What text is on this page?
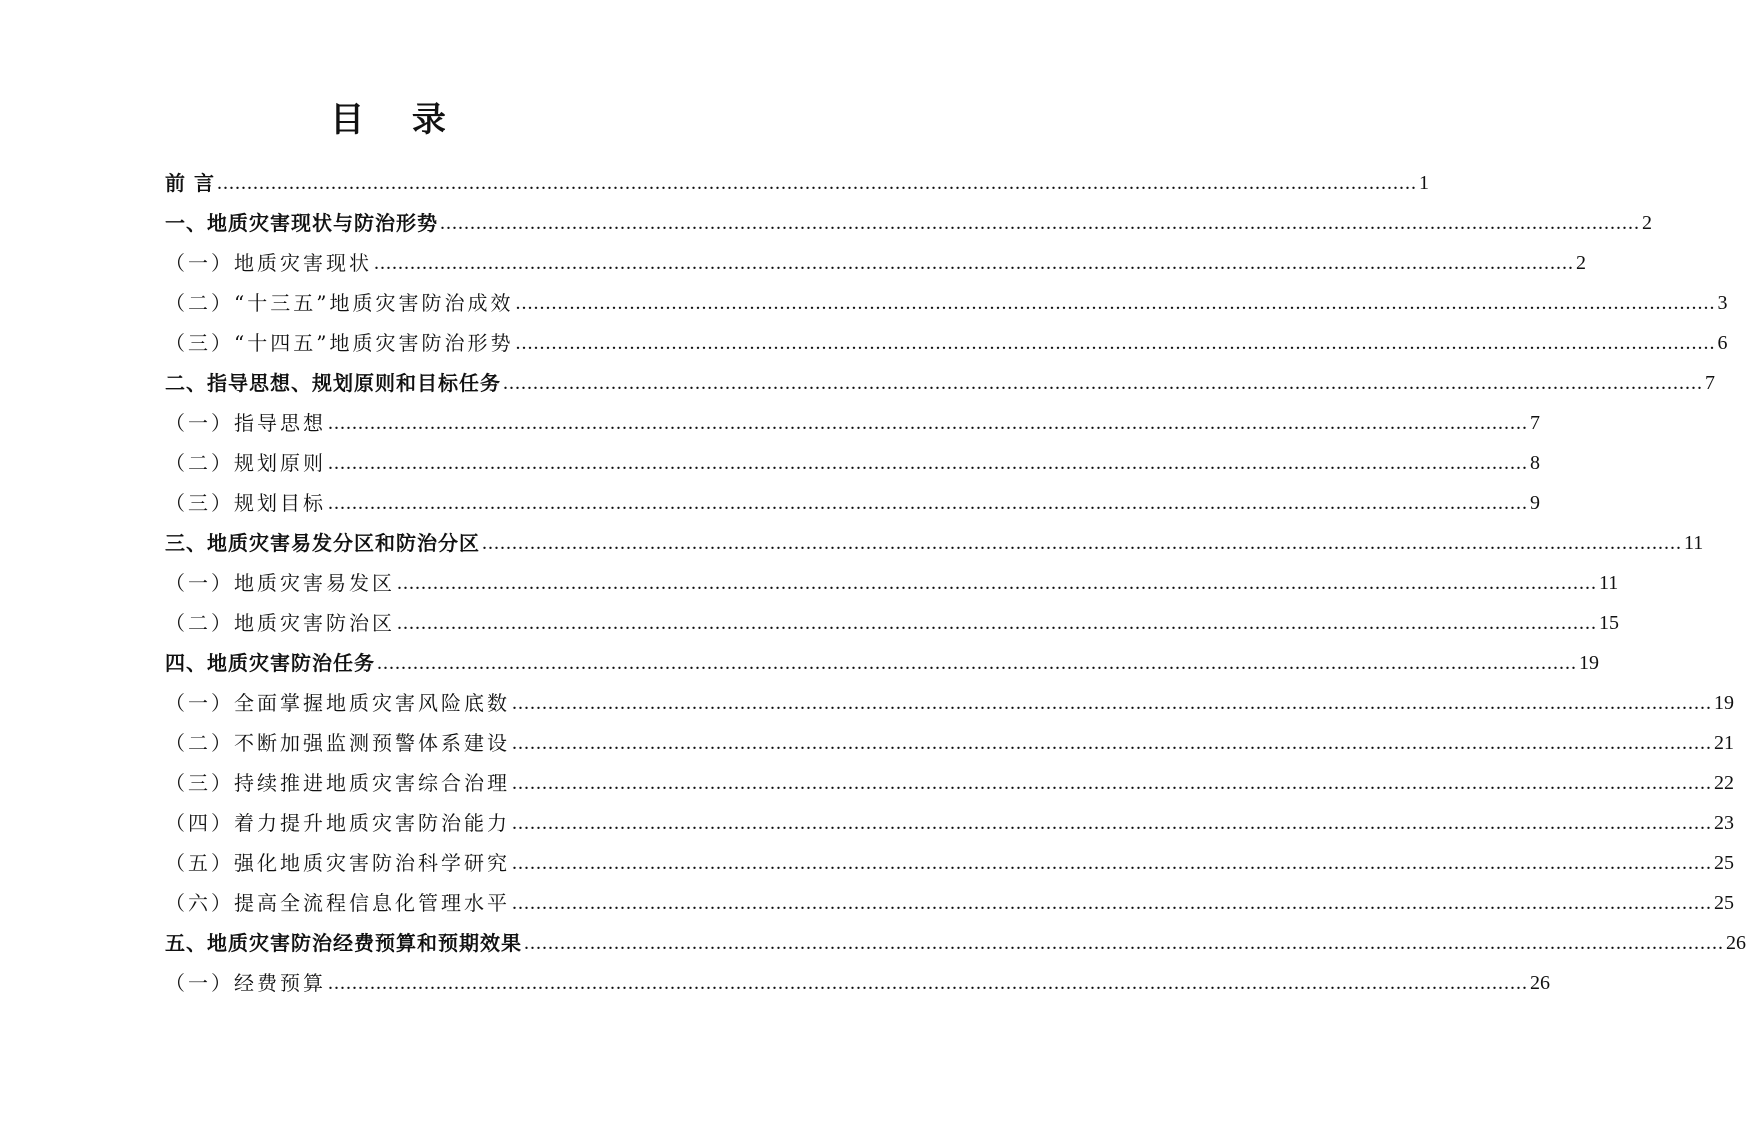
目 录
前 言 ........................................................................................................................................................................................................ 1
一、地质灾害现状与防治形势 ........................................................................................................................................................................................................ 2
（一）地质灾害现状 ........................................................................................................................................................................................................ 2
（二）“十三五”地质灾害防治成效 ........................................................................................................................................................................................................ 3
（三）“十四五”地质灾害防治形势 ........................................................................................................................................................................................................ 6
二、指导思想、规划原则和目标任务 ........................................................................................................................................................................................................ 7
（一）指导思想 ........................................................................................................................................................................................................ 7
（二）规划原则 ........................................................................................................................................................................................................ 8
（三）规划目标 ........................................................................................................................................................................................................ 9
三、地质灾害易发分区和防治分区 ........................................................................................................................................................................................................ 11
（一）地质灾害易发区 ........................................................................................................................................................................................................ 11
（二）地质灾害防治区 ........................................................................................................................................................................................................ 15
四、地质灾害防治任务 ........................................................................................................................................................................................................ 19
（一）全面掌握地质灾害风险底数 ........................................................................................................................................................................................................ 19
（二）不断加强监测预警体系建设 ........................................................................................................................................................................................................ 21
（三）持续推进地质灾害综合治理 ........................................................................................................................................................................................................ 22
（四）着力提升地质灾害防治能力 ........................................................................................................................................................................................................ 23
（五）强化地质灾害防治科学研究 ........................................................................................................................................................................................................ 25
（六）提高全流程信息化管理水平 ........................................................................................................................................................................................................ 25
五、地质灾害防治经费预算和预期效果 ........................................................................................................................................................................................................ 26
（一）经费预算 ........................................................................................................................................................................................................ 26
